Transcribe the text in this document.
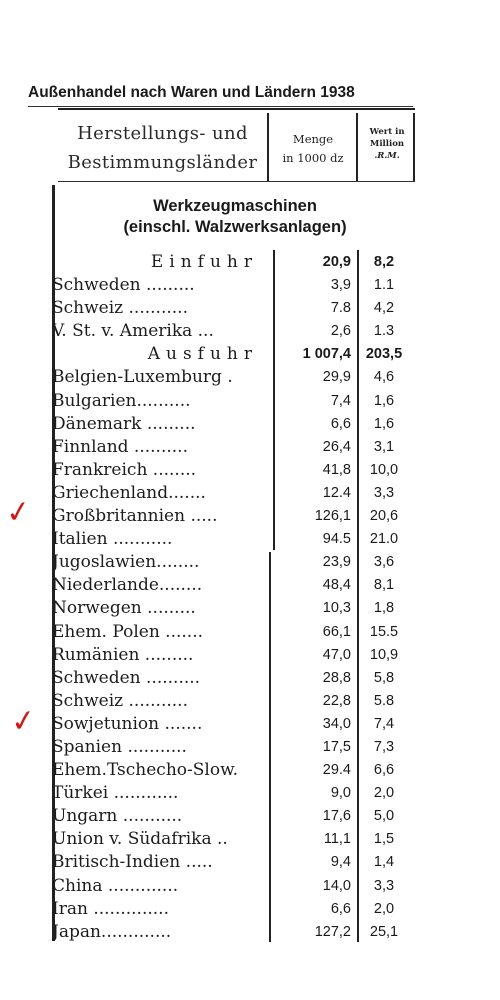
Außenhandel nach Waren und Ländern 1938
Herstellungs- und
Bestimmungsländer
Menge
in 1000 dz
Wert in
Million
.R.M.
Werkzeugmaschinen
(einschl. Walzwerksanlagen)
Einfuhr	20,9	8,2
Schweden .........	3,9	1.1
Schweiz ...........	7.8	4,2
V. St. v. Amerika ...	2,6	1.3
Ausfuhr	1 007,4	203,5
Belgien-Luxemburg .	29,9	4,6
Bulgarien..........	7,4	1,6
Dänemark .........	6,6	1,6
Finnland ..........	26,4	3,1
Frankreich ........	41,8	10,0
Griechenland.......	12.4	3,3
Großbritannien .....	126,1	20,6
Italien ...........	94.5	21.0
Jugoslawien........	23,9	3,6
Niederlande........	48,4	8,1
Norwegen .........	10,3	1,8
Ehem. Polen .......	66,1	15.5
Rumänien .........	47,0	10,9
Schweden ..........	28,8	5,8
Schweiz ...........	22,8	5.8
Sowjetunion .......	34,0	7,4
Spanien ...........	17,5	7,3
Ehem.Tschecho-Slow.	29.4	6,6
Türkei ............	9,0	2,0
Ungarn ...........	17,6	5,0
Union v. Südafrika ..	11,1	1,5
Britisch-Indien .....	9,4	1,4
China .............	14,0	3,3
Iran ..............	6,6	2,0
Japan.............	127,2	25,1
✓
✓
